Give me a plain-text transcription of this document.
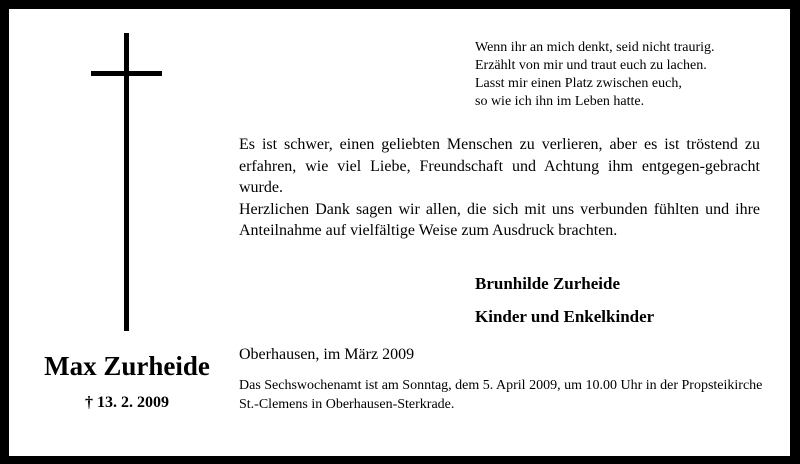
Wenn ihr an mich denkt, seid nicht traurig.
Erzählt von mir und traut euch zu lachen.
Lasst mir einen Platz zwischen euch,
so wie ich ihn im Leben hatte.

Es ist schwer, einen geliebten Menschen zu verlieren, aber es ist tröstend zu erfahren, wie viel Liebe, Freundschaft und Achtung ihm entgegen-gebracht wurde.

Herzlichen Dank sagen wir allen, die sich mit uns verbunden fühlten und ihre Anteilnahme auf vielfältige Weise zum Ausdruck brachten.

Brunhilde Zurheide
Kinder und Enkelkinder
Oberhausen, im März 2009
Das Sechswochenamt ist am Sonntag, dem 5. April 2009, um 10.00 Uhr in der Propsteikirche St.-Clemens in Oberhausen-Sterkrade.
Max Zurheide
† 13. 2. 2009
